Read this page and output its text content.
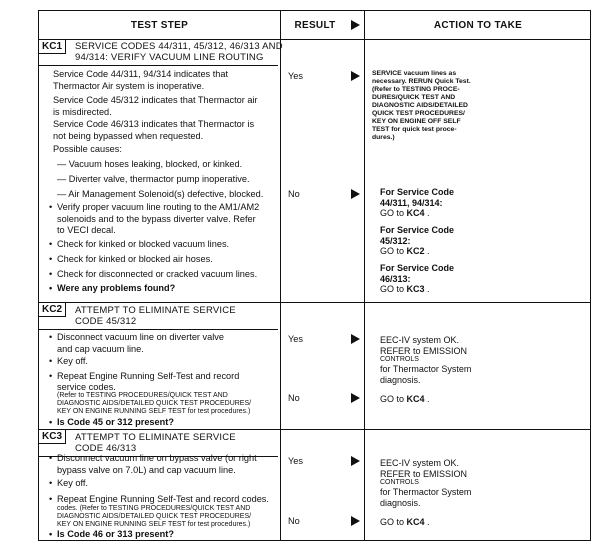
TEST STEP	RESULT	ACTION TO TAKE
KC1	SERVICE CODES 44/311, 45/312, 46/313 AND
94/314: VERIFY VACUUM LINE ROUTING
Service Code 44/311, 94/314 indicates that
Thermactor Air system is inoperative.
Service Code 45/312 indicates that Thermactor air
is misdirected.
Service Code 46/313 indicates that Thermactor is
not being bypassed when requested.
Possible causes:
— Vacuum hoses leaking, blocked, or kinked.
— Diverter valve, thermactor pump inoperative.
— Air Management Solenoid(s) defective, blocked.
• Verify proper vacuum line routing to the AM1/AM2
solenoids and to the bypass diverter valve. Refer
to VECI decal.
• Check for kinked or blocked vacuum lines.
• Check for kinked or blocked air hoses.
• Check for disconnected or cracked vacuum lines.
• Were any problems found?
Yes	SERVICE vacuum lines as
necessary. RERUN Quick Test.
(Refer to TESTING PROCE-
DURES/QUICK TEST AND
DIAGNOSTIC AIDS/DETAILED
QUICK TEST PROCEDURES/
KEY ON ENGINE OFF SELF
TEST for quick test proce-
dures.)
No	For Service Code
44/311, 94/314:
GO to KC4 .
For Service Code
45/312:
GO to KC2 .
For Service Code
46/313:
GO to KC3 .
KC2	ATTEMPT TO ELIMINATE SERVICE
CODE 45/312
• Disconnect vacuum line on diverter valve
and cap vacuum line.
• Key off.
• Repeat Engine Running Self-Test and record
service codes.
(Refer to TESTING PROCEDURES/QUICK TEST AND
DIAGNOSTIC AIDS/DETAILED QUICK TEST PROCEDURES/
KEY ON ENGINE RUNNING SELF TEST for test procedures.)
• Is Code 45 or 312 present?
Yes	EEC-IV system OK.
REFER to EMISSION
CONTROLS
for Thermactor System
diagnosis.
No	GO to KC4 .
KC3	ATTEMPT TO ELIMINATE SERVICE
CODE 46/313
• Disconnect vacuum line on bypass valve (or right
bypass valve on 7.0L) and cap vacuum line.
• Key off.
• Repeat Engine Running Self-Test and record codes.
codes. (Refer to TESTING PROCEDURES/QUICK TEST AND
DIAGNOSTIC AIDS/DETAILED QUICK TEST PROCEDURES/
KEY ON ENGINE RUNNING SELF TEST for test procedures.)
• Is Code 46 or 313 present?
Yes	EEC-IV system OK.
REFER to EMISSION
CONTROLS
for Thermactor System
diagnosis.
No	GO to KC4 .
